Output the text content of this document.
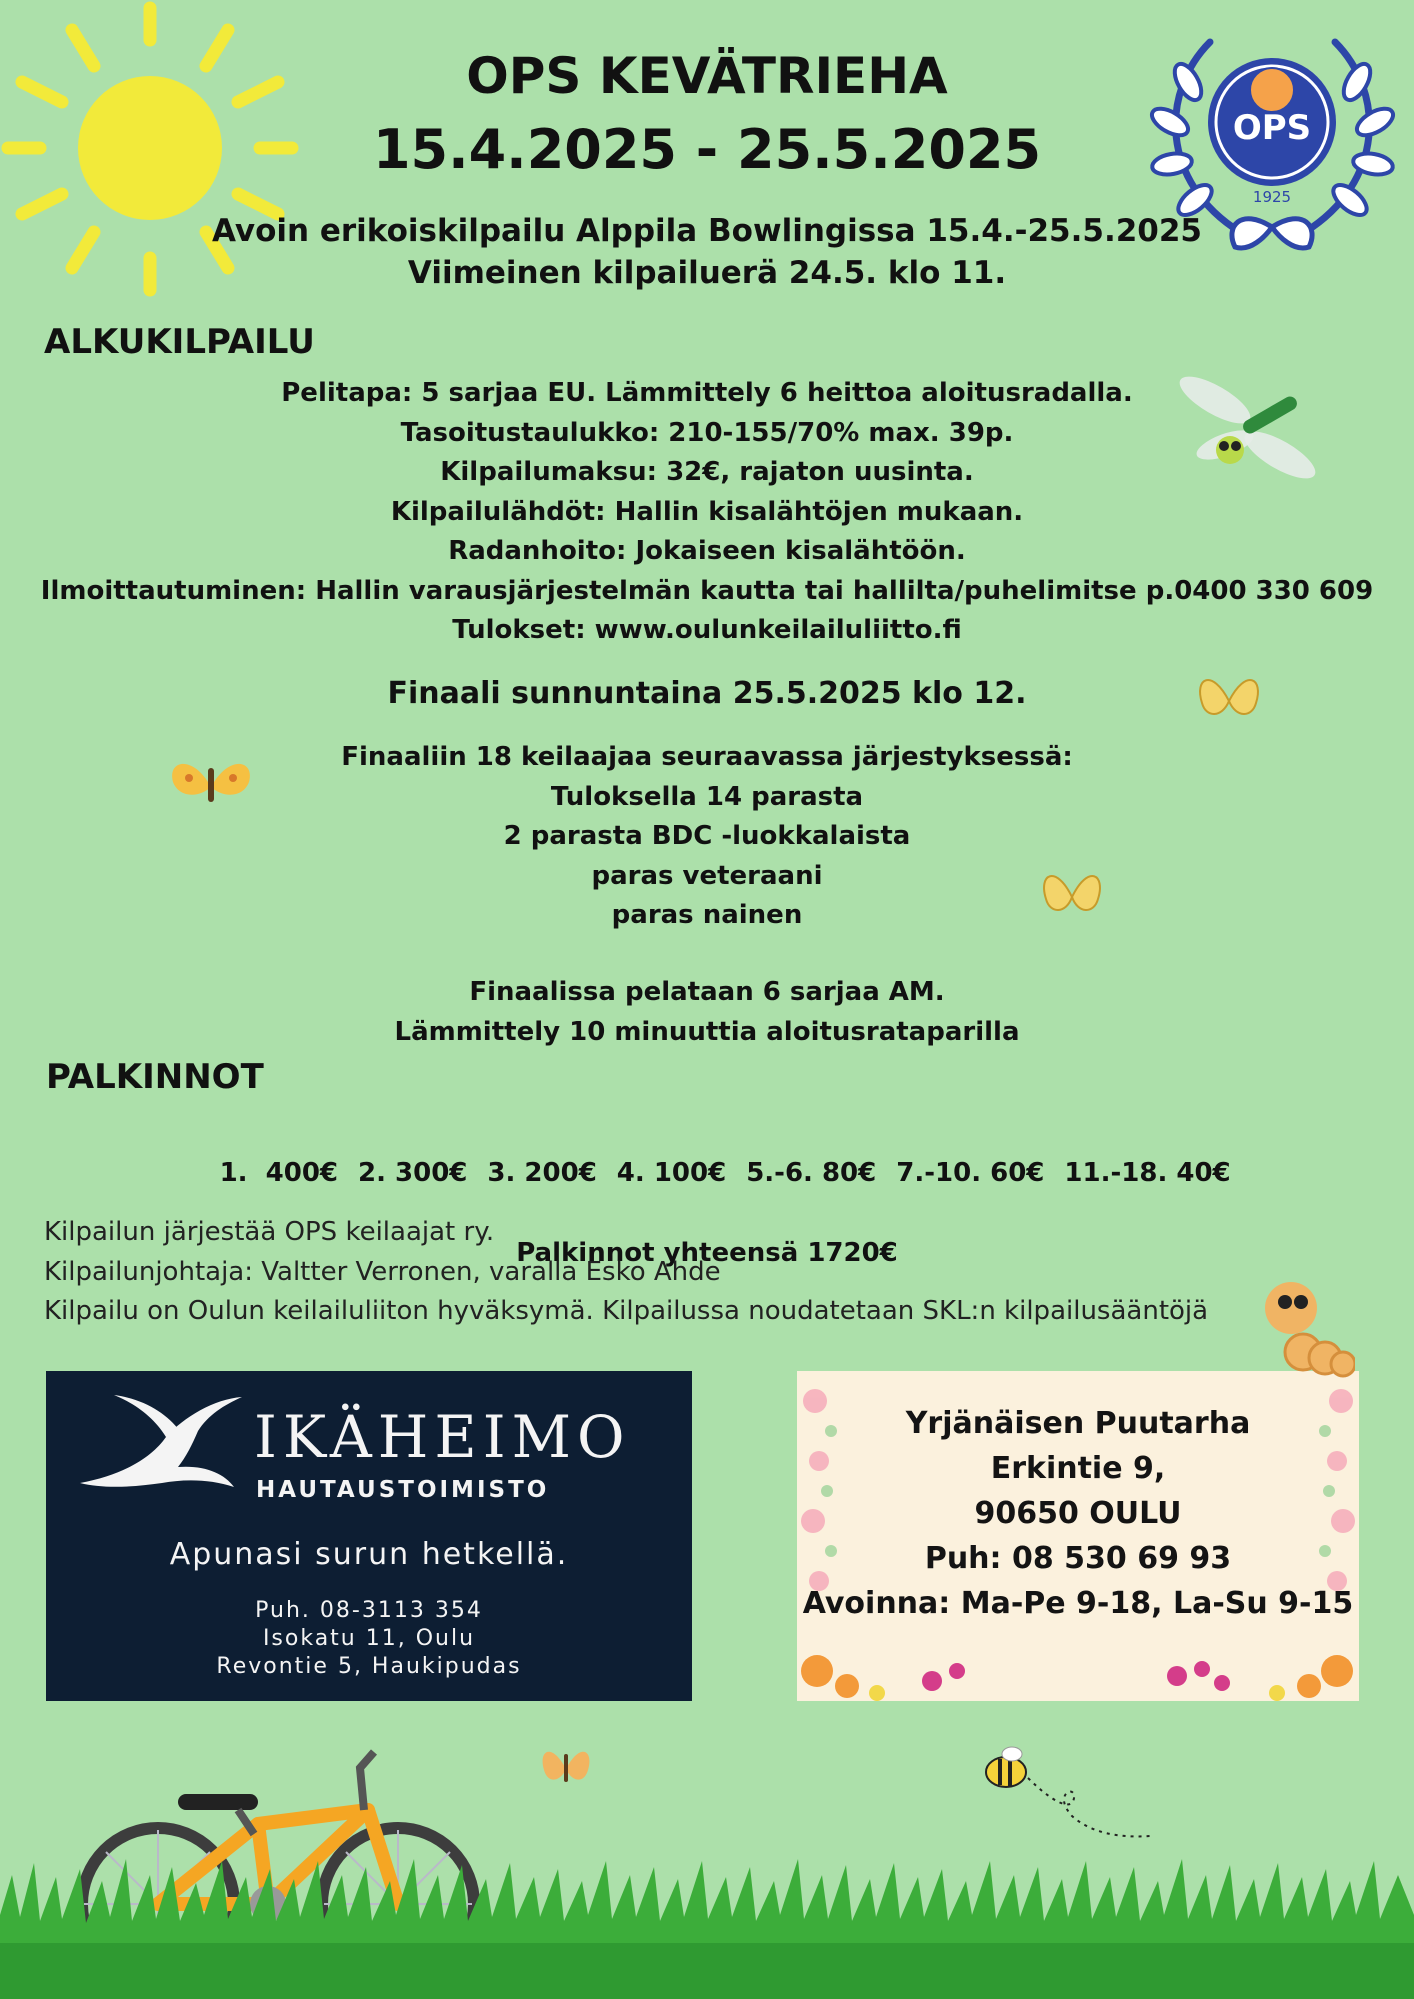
OPS
1925
OPS KEVÄTRIEHA
15.4.2025 - 25.5.2025
Avoin erikoiskilpailu Alppila Bowlingissa 15.4.-25.5.2025
Viimeinen kilpailuerä 24.5. klo 11.
ALKUKILPAILU
Pelitapa: 5 sarjaa EU. Lämmittely 6 heittoa aloitusradalla.
Tasoitustaulukko: 210-155/70% max. 39p.
Kilpailumaksu: 32€, rajaton uusinta.
Kilpailulähdöt: Hallin kisalähtöjen mukaan.
Radanhoito: Jokaiseen kisalähtöön.
Ilmoittautuminen: Hallin varausjärjestelmän kautta tai hallilta/puhelimitse p.0400 330 609
Tulokset: www.oulunkeilailuliitto.fi
Finaali sunnuntaina 25.5.2025 klo 12.
Finaaliin 18 keilaajaa seuraavassa järjestyksessä:
Tuloksella 14 parasta
2 parasta BDC -luokkalaista
paras veteraani
paras nainen
Finaalissa pelataan 6 sarjaa AM.
Lämmittely 10 minuuttia aloitusrataparilla
PALKINNOT

1.  400€ 2. 300€ 3. 200€ 4. 100€ 5.-6. 80€ 7.-10. 60€ 11.-18. 40€

Palkinnot yhteensä 1720€
Kilpailun järjestää OPS keilaajat ry.
Kilpailunjohtaja: Valtter Verronen, varalla Esko Ahde
Kilpailu on Oulun keilailuliiton hyväksymä. Kilpailussa noudatetaan SKL:n kilpailusääntöjä
IKÄHEIMO
HAUTAUSTOIMISTO
Apunasi surun hetkellä.
Puh. 08-3113 354
Isokatu 11, Oulu
Revontie 5, Haukipudas
Yrjänäisen Puutarha
Erkintie 9,
90650 OULU
Puh: 08 530 69 93
Avoinna: Ma-Pe 9-18, La-Su 9-15
